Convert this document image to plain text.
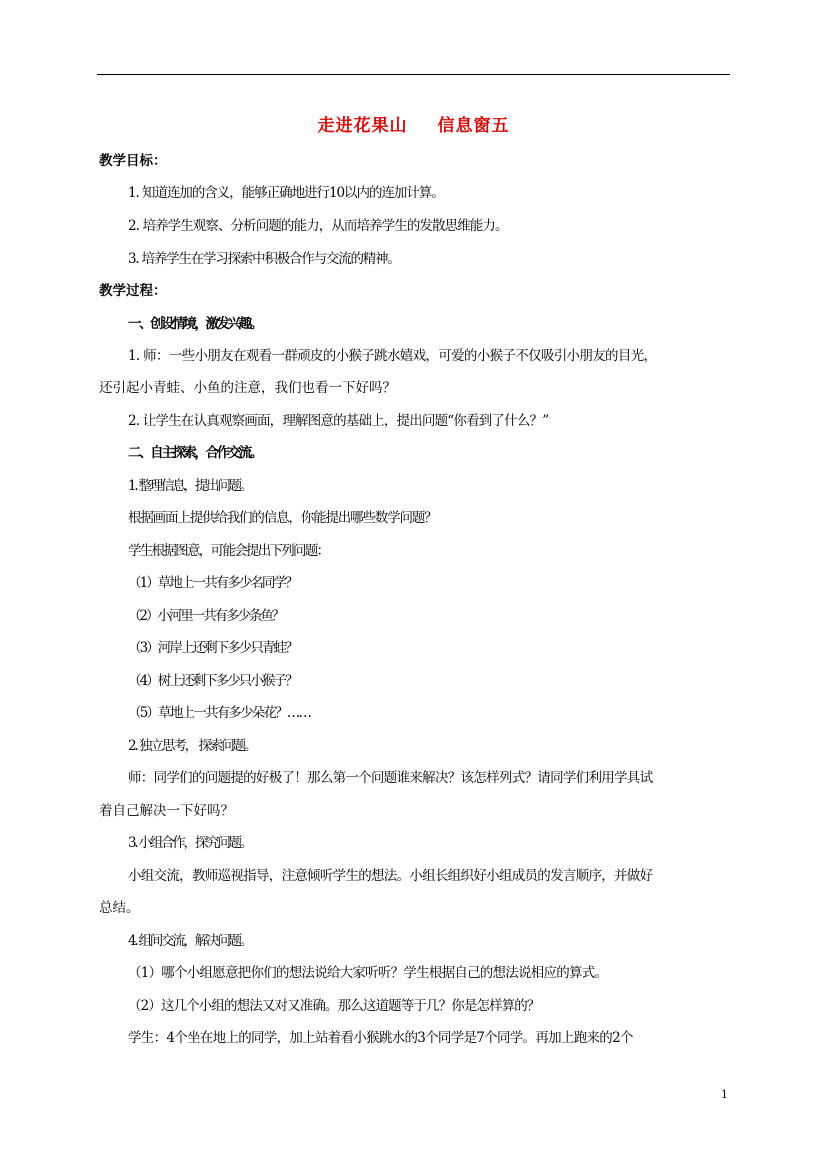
走进花果山 信息窗五
教学目标：
1. 知道连加的含义，能够正确地进行10以内的连加计算。
2. 培养学生观察、分析问题的能力，从而培养学生的发散思维能力。
3. 培养学生在学习探索中积极合作与交流的精神。
教学过程：
一、创设情境，激发兴趣。
1. 师：一些小朋友在观看一群顽皮的小猴子跳水嬉戏，可爱的小猴子不仅吸引小朋友的目光，
还引起小青蛙、小鱼的注意，我们也看一下好吗？
2. 让学生在认真观察画面，理解图意的基础上，提出问题“你看到了什么？”
二、自主探索，合作交流。
1. 整理信息，提出问题。
根据画面上提供给我们的信息，你能提出哪些数学问题？
学生根据图意，可能会提出下列问题：
（1）草地上一共有多少名同学？
（2）小河里一共有多少条鱼？
（3）河岸上还剩下多少只青蛙？
（4）树上还剩下多少只小猴子？
（5）草地上一共有多少朵花？……
2. 独立思考， 探索问题。
师：同学们的问题提的好极了！那么第一个问题谁来解决？该怎样列式？请同学们利用学具试
着自己解决一下好吗？
3. 小组合作，探究问题。
小组交流，教师巡视指导，注意倾听学生的想法。小组长组织好小组成员的发言顺序，并做好
总结。
4. 组间交流，解决问题。
（1）哪个小组愿意把你们的想法说给大家听听？学生根据自己的想法说相应的算式。
（2）这几个小组的想法又对又准确。那么这道题等于几？你是怎样算的？
学生：4个坐在地上的同学，加上站着看小猴跳水的3个同学是7个同学。再加上跑来的2个
1
